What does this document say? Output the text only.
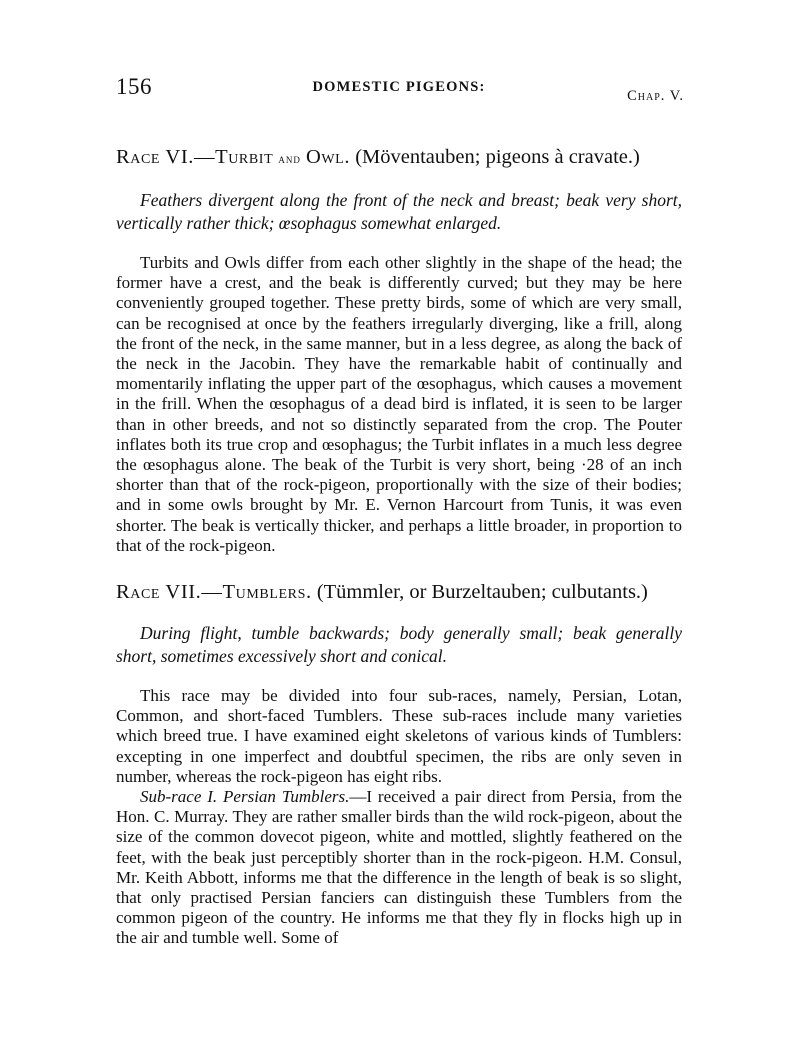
156	DOMESTIC PIGEONS:
Chap. V.
Race VI.—Turbit and Owl. (Möventauben; pigeons à cravate.)

Feathers divergent along the front of the neck and breast; beak very short, vertically rather thick; œsophagus somewhat enlarged.

Turbits and Owls differ from each other slightly in the shape of the head; the former have a crest, and the beak is differently curved; but they may be here conveniently grouped together. These pretty birds, some of which are very small, can be recognised at once by the feathers irregularly diverging, like a frill, along the front of the neck, in the same manner, but in a less degree, as along the back of the neck in the Jacobin. They have the remarkable habit of continually and momentarily inflating the upper part of the œsophagus, which causes a movement in the frill. When the œsophagus of a dead bird is inflated, it is seen to be larger than in other breeds, and not so distinctly separated from the crop. The Pouter inflates both its true crop and œsophagus; the Turbit inflates in a much less degree the œsophagus alone. The beak of the Turbit is very short, being ·28 of an inch shorter than that of the rock-pigeon, proportionally with the size of their bodies; and in some owls brought by Mr. E. Vernon Harcourt from Tunis, it was even shorter. The beak is vertically thicker, and perhaps a little broader, in proportion to that of the rock-pigeon.

Race VII.—Tumblers. (Tümmler, or Burzeltauben; culbutants.)

During flight, tumble backwards; body generally small; beak generally short, sometimes excessively short and conical.

This race may be divided into four sub-races, namely, Persian, Lotan, Common, and short-faced Tumblers. These sub-races include many varieties which breed true. I have examined eight skeletons of various kinds of Tumblers: excepting in one imperfect and doubtful specimen, the ribs are only seven in number, whereas the rock-pigeon has eight ribs.

Sub-race I. Persian Tumblers.—I received a pair direct from Persia, from the Hon. C. Murray. They are rather smaller birds than the wild rock-pigeon, about the size of the common dovecot pigeon, white and mottled, slightly feathered on the feet, with the beak just perceptibly shorter than in the rock-pigeon. H.M. Consul, Mr. Keith Abbott, informs me that the difference in the length of beak is so slight, that only practised Persian fanciers can distinguish these Tumblers from the common pigeon of the country. He informs me that they fly in flocks high up in the air and tumble well. Some of
